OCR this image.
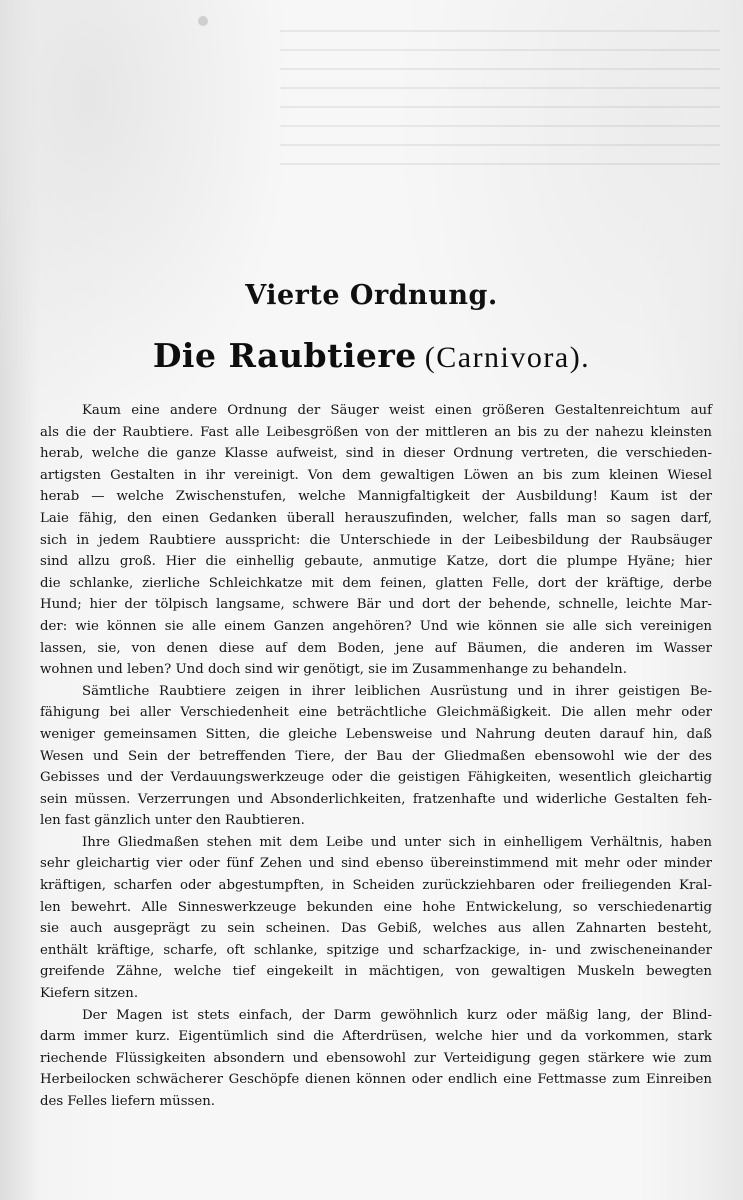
Vierte Ordnung.
Die Raubtiere (Carnivora).
Kaum eine andere Ordnung der Säuger weist einen größeren Gestaltenreichtum auf
als die der Raubtiere. Fast alle Leibesgrößen von der mittleren an bis zu der nahezu kleinsten
herab, welche die ganze Klasse aufweist, sind in dieser Ordnung vertreten, die verschieden-
artigsten Gestalten in ihr vereinigt. Von dem gewaltigen Löwen an bis zum kleinen Wiesel
herab — welche Zwischenstufen, welche Mannigfaltigkeit der Ausbildung! Kaum ist der
Laie fähig, den einen Gedanken überall herauszufinden, welcher, falls man so sagen darf,
sich in jedem Raubtiere ausspricht: die Unterschiede in der Leibesbildung der Raubsäuger
sind allzu groß. Hier die einhellig gebaute, anmutige Katze, dort die plumpe Hyäne; hier
die schlanke, zierliche Schleichkatze mit dem feinen, glatten Felle, dort der kräftige, derbe
Hund; hier der tölpisch langsame, schwere Bär und dort der behende, schnelle, leichte Mar-
der: wie können sie alle einem Ganzen angehören? Und wie können sie alle sich vereinigen
lassen, sie, von denen diese auf dem Boden, jene auf Bäumen, die anderen im Wasser
wohnen und leben? Und doch sind wir genötigt, sie im Zusammenhange zu behandeln.
Sämtliche Raubtiere zeigen in ihrer leiblichen Ausrüstung und in ihrer geistigen Be-
fähigung bei aller Verschiedenheit eine beträchtliche Gleichmäßigkeit. Die allen mehr oder
weniger gemeinsamen Sitten, die gleiche Lebensweise und Nahrung deuten darauf hin, daß
Wesen und Sein der betreffenden Tiere, der Bau der Gliedmaßen ebensowohl wie der des
Gebisses und der Verdauungswerkzeuge oder die geistigen Fähigkeiten, wesentlich gleichartig
sein müssen. Verzerrungen und Absonderlichkeiten, fratzenhafte und widerliche Gestalten feh-
len fast gänzlich unter den Raubtieren.
Ihre Gliedmaßen stehen mit dem Leibe und unter sich in einhelligem Verhältnis, haben
sehr gleichartig vier oder fünf Zehen und sind ebenso übereinstimmend mit mehr oder minder
kräftigen, scharfen oder abgestumpften, in Scheiden zurückziehbaren oder freiliegenden Kral-
len bewehrt. Alle Sinneswerkzeuge bekunden eine hohe Entwickelung, so verschiedenartig
sie auch ausgeprägt zu sein scheinen. Das Gebiß, welches aus allen Zahnarten besteht,
enthält kräftige, scharfe, oft schlanke, spitzige und scharfzackige, in- und zwischeneinander
greifende Zähne, welche tief eingekeilt in mächtigen, von gewaltigen Muskeln bewegten
Kiefern sitzen.
Der Magen ist stets einfach, der Darm gewöhnlich kurz oder mäßig lang, der Blind-
darm immer kurz. Eigentümlich sind die Afterdrüsen, welche hier und da vorkommen, stark
riechende Flüssigkeiten absondern und ebensowohl zur Verteidigung gegen stärkere wie zum
Herbeilocken schwächerer Geschöpfe dienen können oder endlich eine Fettmasse zum Einreiben
des Felles liefern müssen.
